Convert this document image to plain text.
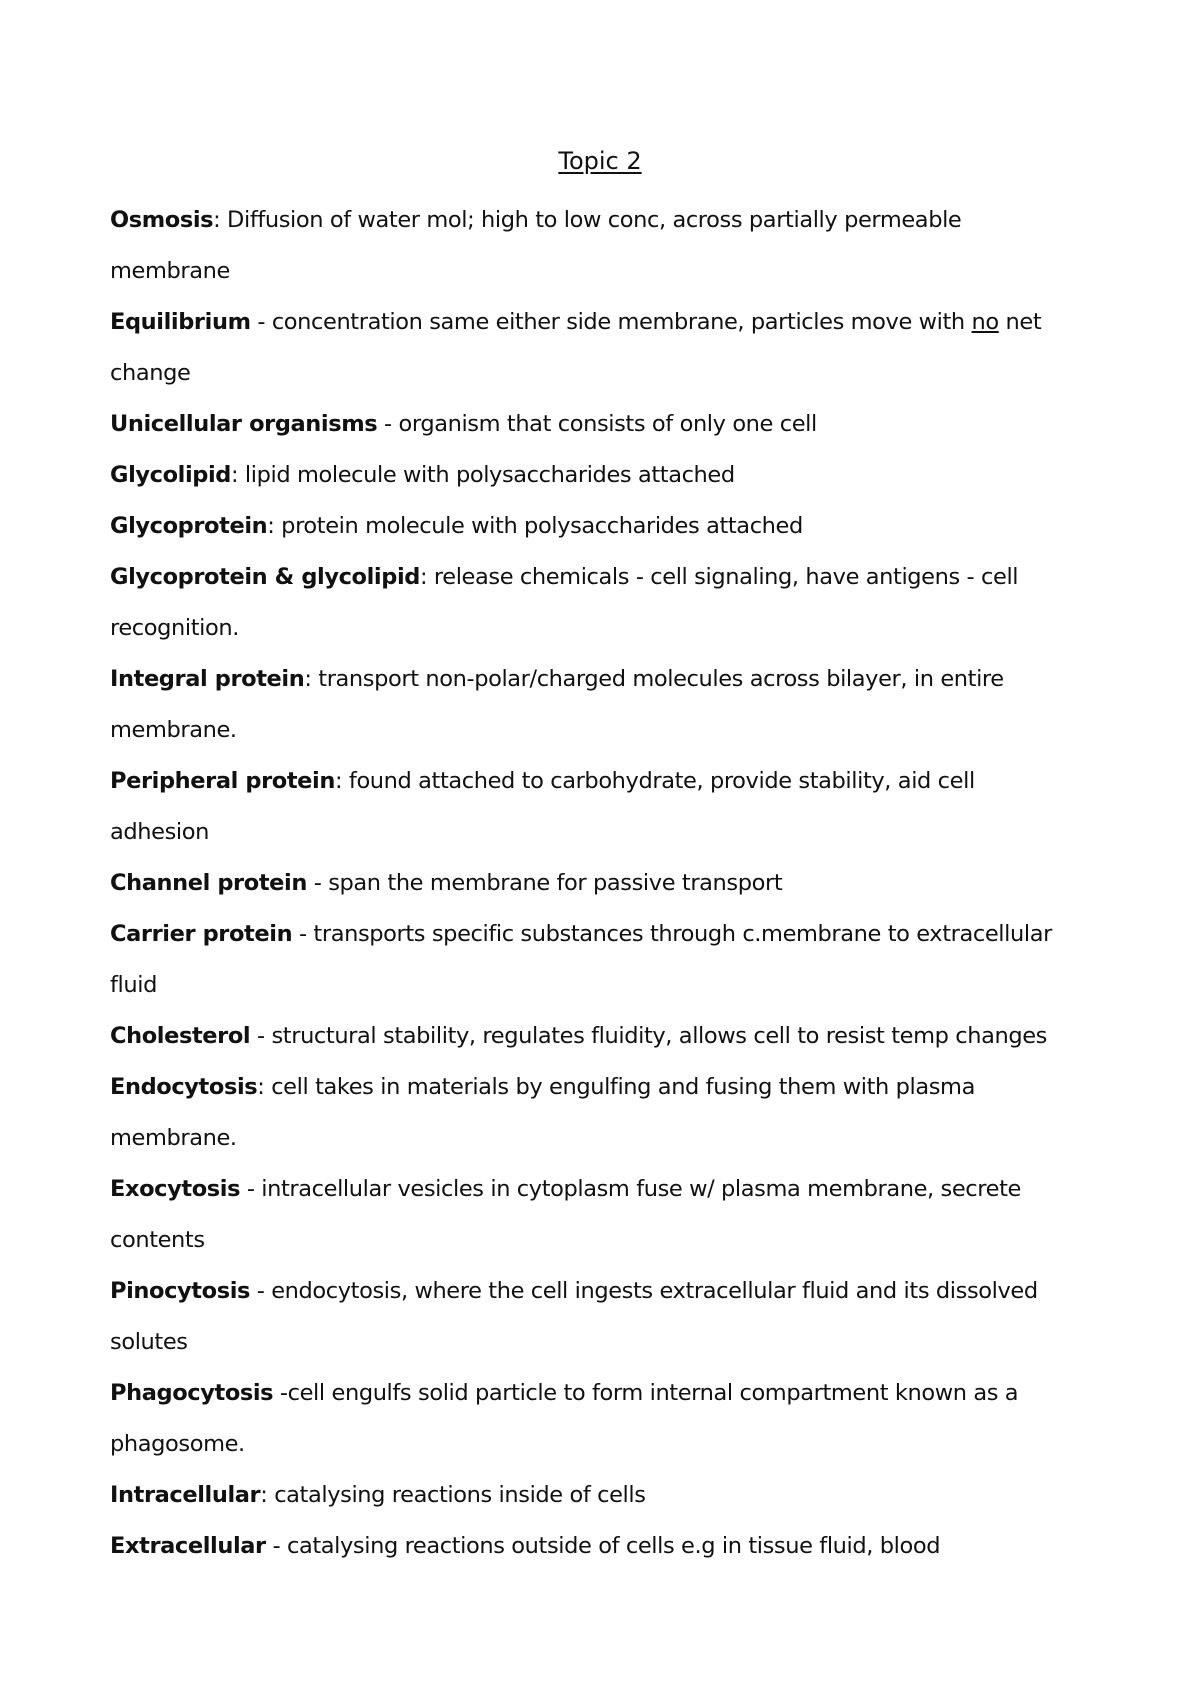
Topic 2
Osmosis: Diffusion of water mol; high to low conc, across partially permeable
membrane
Equilibrium - concentration same either side membrane, particles move with no net
change
Unicellular organisms - organism that consists of only one cell
Glycolipid: lipid molecule with polysaccharides attached
Glycoprotein: protein molecule with polysaccharides attached
Glycoprotein & glycolipid: release chemicals - cell signaling, have antigens - cell
recognition.
Integral protein: transport non-polar/charged molecules across bilayer, in entire
membrane.
Peripheral protein: found attached to carbohydrate, provide stability, aid cell
adhesion
Channel protein - span the membrane for passive transport
Carrier protein - transports specific substances through c.membrane to extracellular
fluid
Cholesterol - structural stability, regulates fluidity, allows cell to resist temp changes
Endocytosis: cell takes in materials by engulfing and fusing them with plasma
membrane.
Exocytosis - intracellular vesicles in cytoplasm fuse w/ plasma membrane, secrete
contents
Pinocytosis - endocytosis, where the cell ingests extracellular fluid and its dissolved
solutes
Phagocytosis -cell engulfs solid particle to form internal compartment known as a
phagosome.
Intracellular: catalysing reactions inside of cells
Extracellular - catalysing reactions outside of cells e.g in tissue fluid, blood
